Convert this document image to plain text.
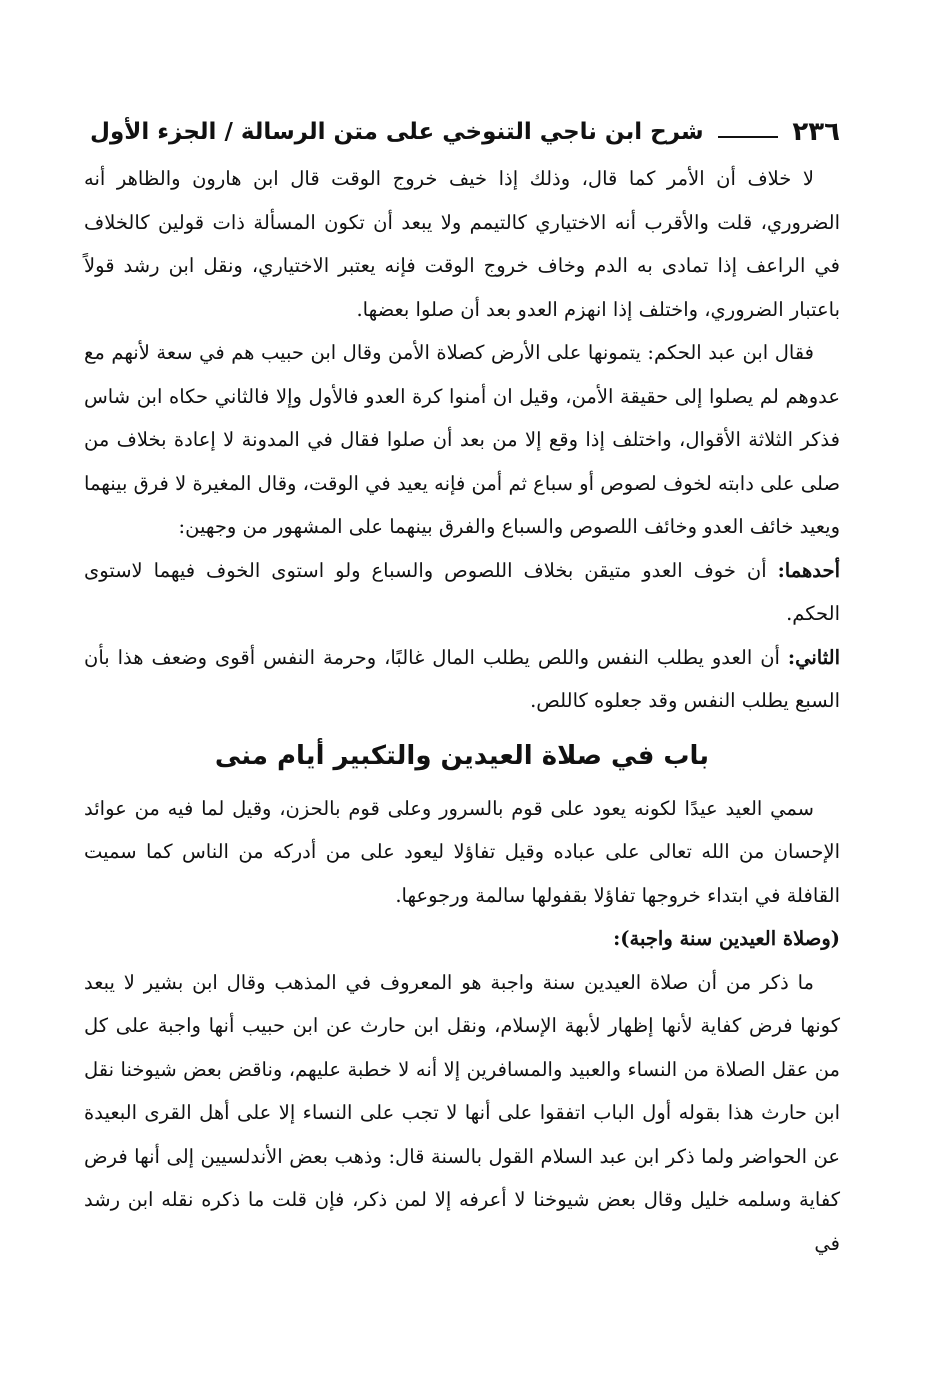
٢٣٦
شرح ابن ناجي التنوخي على متن الرسالة / الجزء الأول

لا خلاف أن الأمر كما قال، وذلك إذا خيف خروج الوقت قال ابن هارون والظاهر أنه الضروري، قلت والأقرب أنه الاختياري كالتيمم ولا يبعد أن تكون المسألة ذات قولين كالخلاف في الراعف إذا تمادى به الدم وخاف خروج الوقت فإنه يعتبر الاختياري، ونقل ابن رشد قولاً باعتبار الضروري، واختلف إذا انهزم العدو بعد أن صلوا بعضها.

فقال ابن عبد الحكم: يتمونها على الأرض كصلاة الأمن وقال ابن حبيب هم في سعة لأنهم مع عدوهم لم يصلوا إلى حقيقة الأمن، وقيل ان أمنوا كرة العدو فالأول وإلا فالثاني حكاه ابن شاس فذكر الثلاثة الأقوال، واختلف إذا وقع إلا من بعد أن صلوا فقال في المدونة لا إعادة بخلاف من صلى على دابته لخوف لصوص أو سباع ثم أمن فإنه يعيد في الوقت، وقال المغيرة لا فرق بينهما ويعيد خائف العدو وخائف اللصوص والسباع والفرق بينهما على المشهور من وجهين:

أحدهما: أن خوف العدو متيقن بخلاف اللصوص والسباع ولو استوى الخوف فيهما لاستوى الحكم.

الثاني: أن العدو يطلب النفس واللص يطلب المال غالبًا، وحرمة النفس أقوى وضعف هذا بأن السبع يطلب النفس وقد جعلوه كاللص.

باب في صلاة العيدين والتكبير أيام منى

سمي العيد عيدًا لكونه يعود على قوم بالسرور وعلى قوم بالحزن، وقيل لما فيه من عوائد الإحسان من الله تعالى على عباده وقيل تفاؤلا ليعود على من أدركه من الناس كما سميت القافلة في ابتداء خروجها تفاؤلا بقفولها سالمة ورجوعها.

(وصلاة العيدين سنة واجبة):

ما ذكر من أن صلاة العيدين سنة واجبة هو المعروف في المذهب وقال ابن بشير لا يبعد كونها فرض كفاية لأنها إظهار لأبهة الإسلام، ونقل ابن حارث عن ابن حبيب أنها واجبة على كل من عقل الصلاة من النساء والعبيد والمسافرين إلا أنه لا خطبة عليهم، وناقض بعض شيوخنا نقل ابن حارث هذا بقوله أول الباب اتفقوا على أنها لا تجب على النساء إلا على أهل القرى البعيدة عن الحواضر ولما ذكر ابن عبد السلام القول بالسنة قال: وذهب بعض الأندلسيين إلى أنها فرض كفاية وسلمه خليل وقال بعض شيوخنا لا أعرفه إلا لمن ذكر، فإن قلت ما ذكره نقله ابن رشد في
